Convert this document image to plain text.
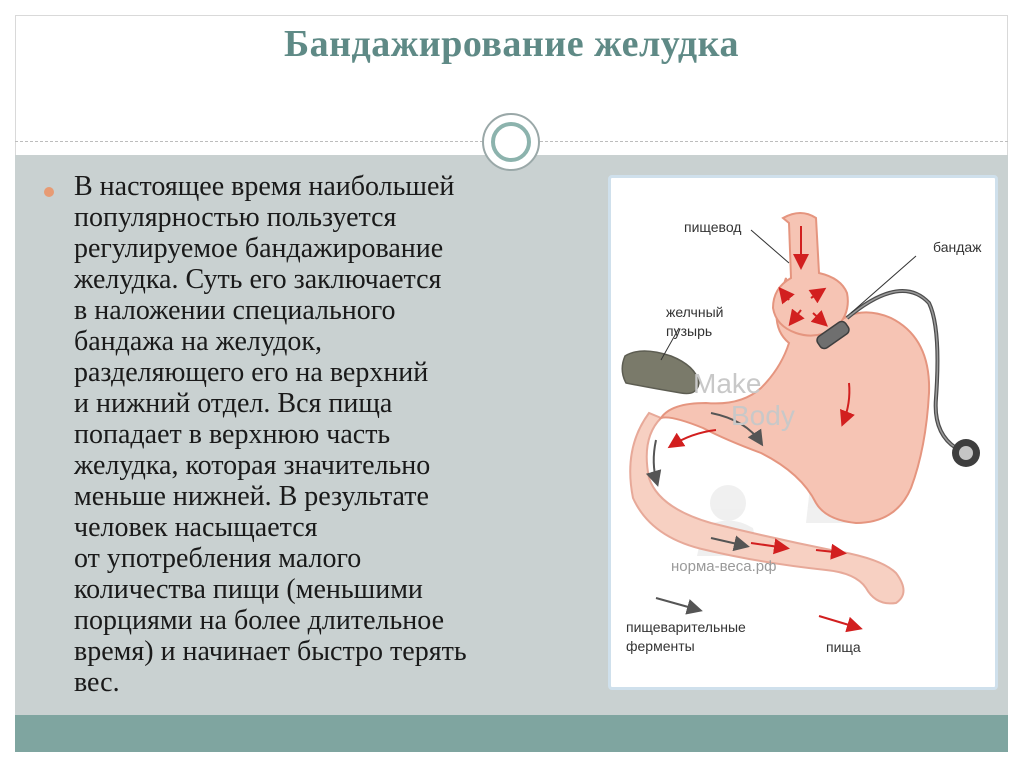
Бандажирование желудка
В настоящее время наибольшей
популярностью пользуется
регулируемое бандажирование
желудка. Суть его заключается
в наложении специального
бандажа на желудок,
разделяющего его на верхний
и нижний отдел. Вся пища
попадает в верхнюю часть
желудка, которая значительно
меньше нижней. В результате
человек насыщается
от употребления малого
количества пищи (меньшими
порциями на более длительное
время) и начинает быстро терять
вес.
пищевод
бандаж
желчный
пузырь
пищеварительные
ферменты	пища
Make
Body
норма-веса.рф
